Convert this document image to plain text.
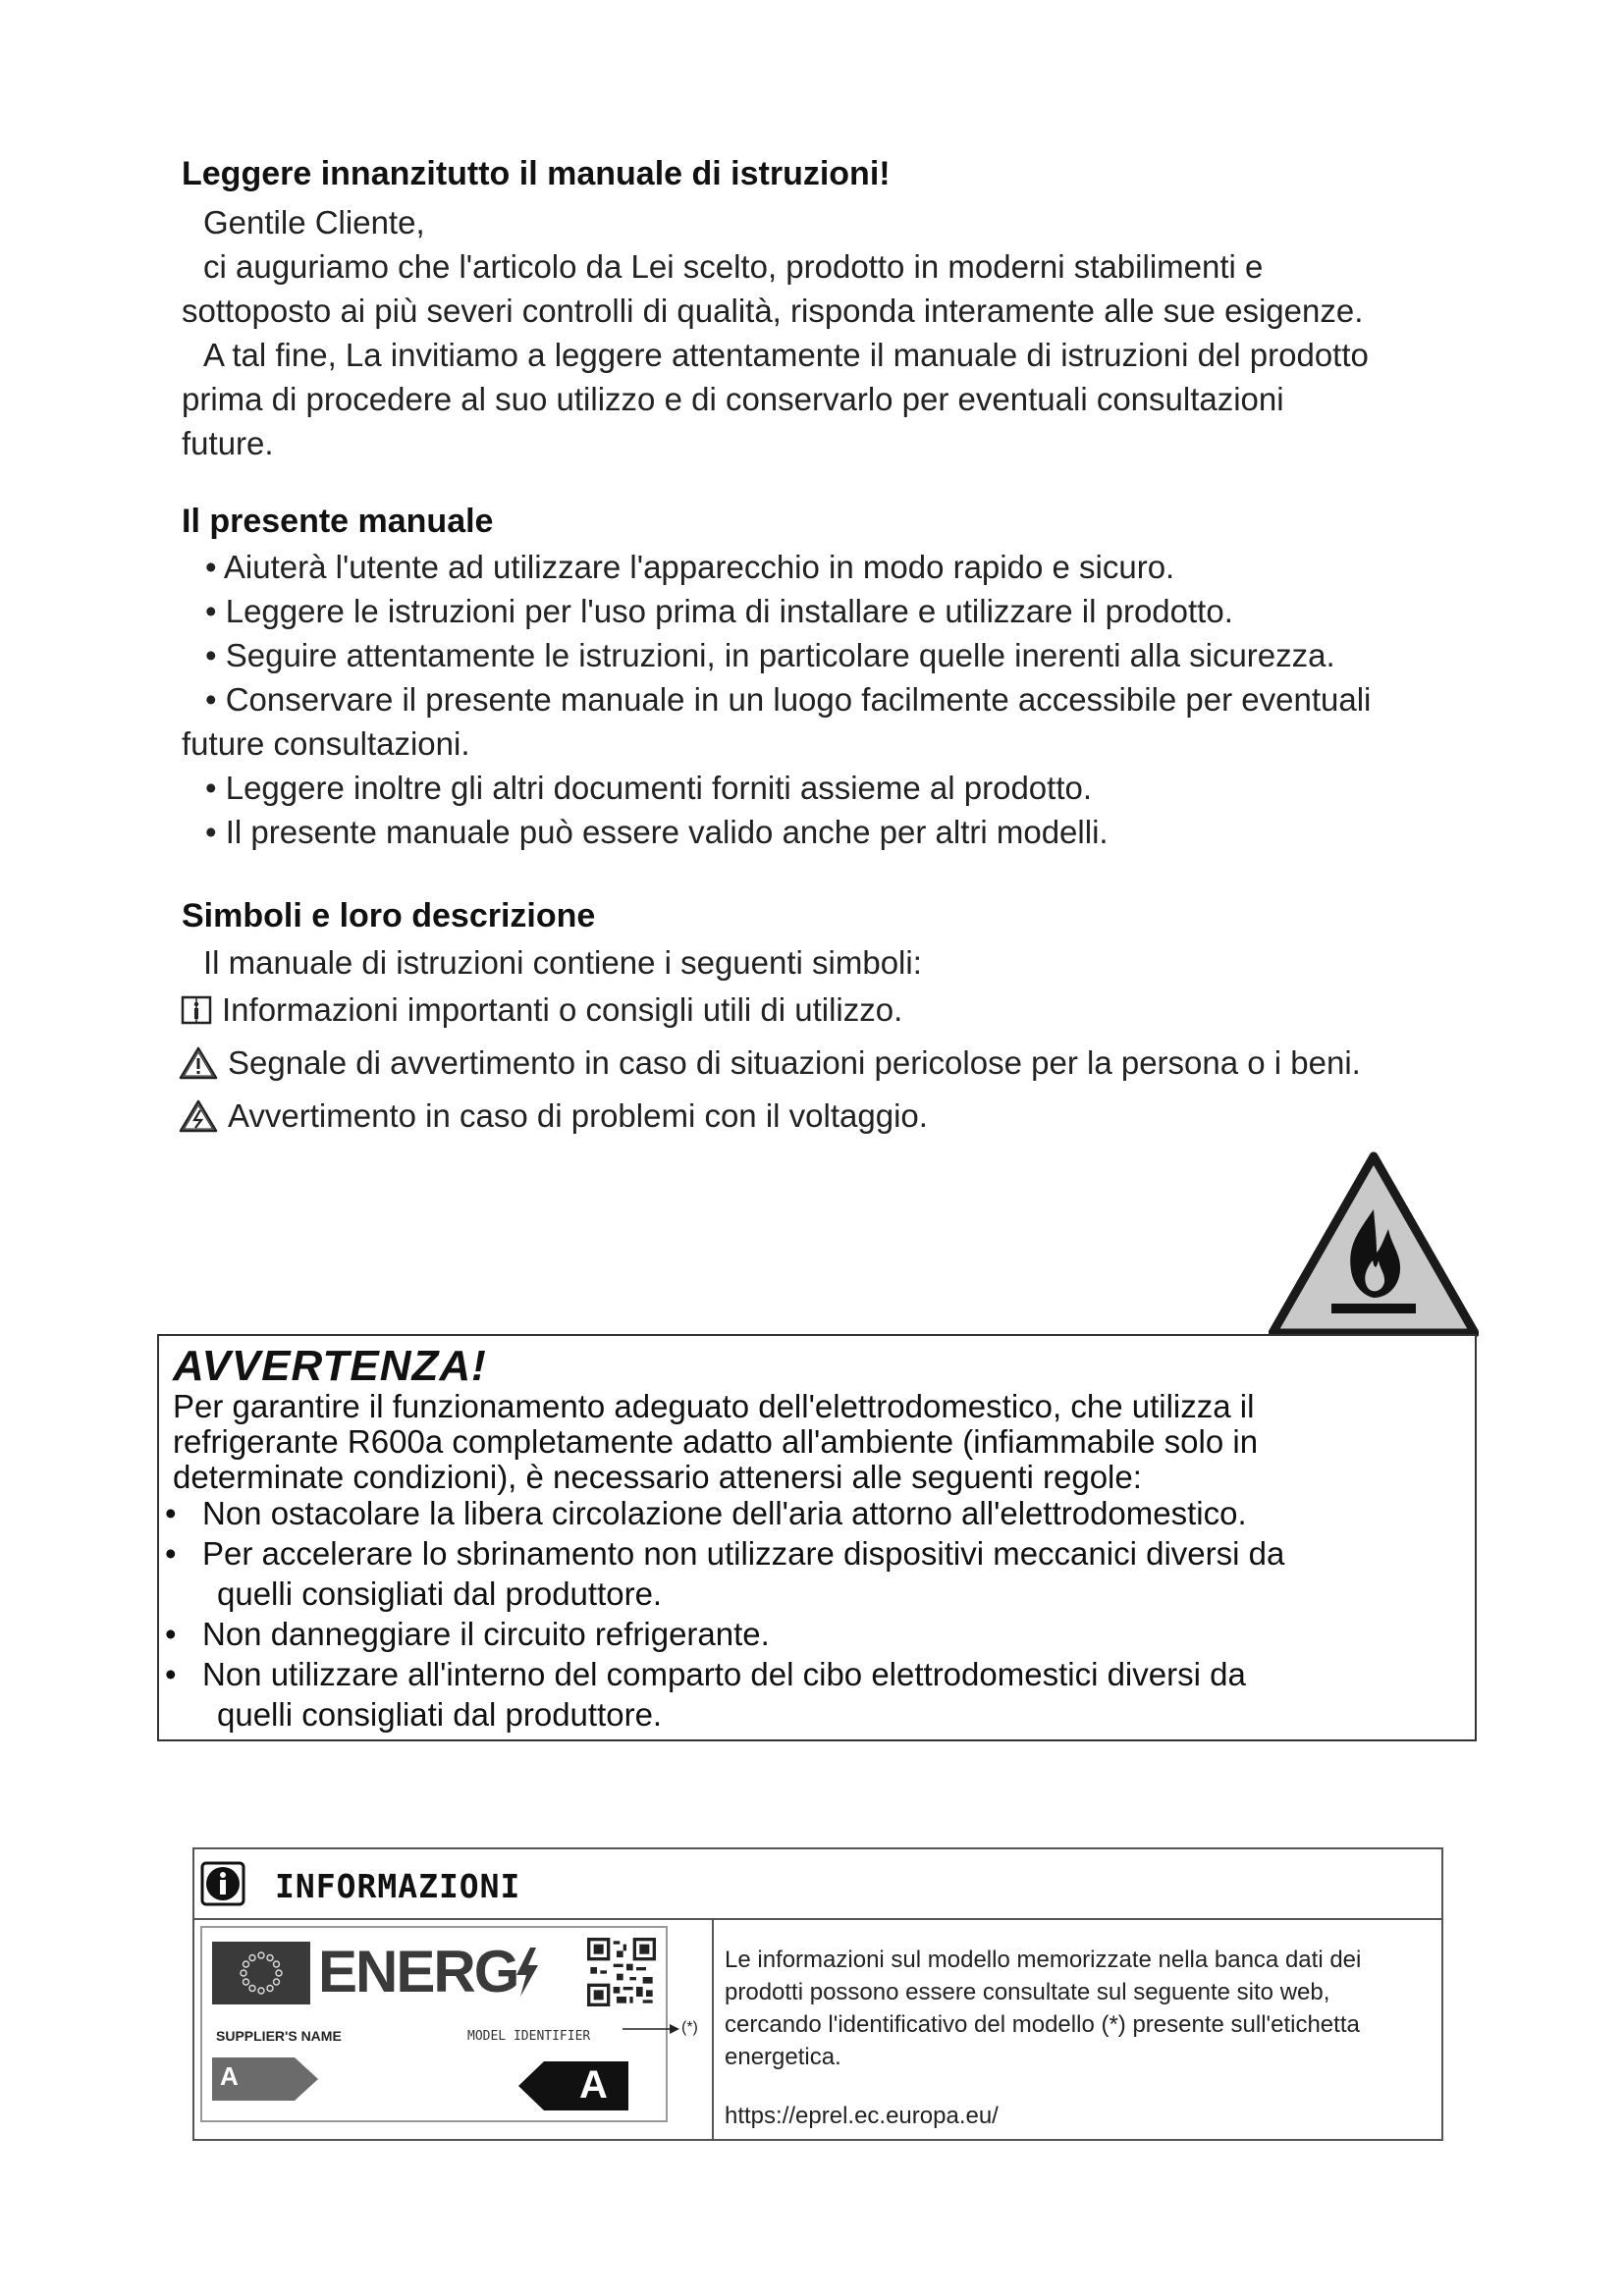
Leggere innanzitutto il manuale di istruzioni!
Gentile Cliente,
ci auguriamo che l'articolo da Lei scelto, prodotto in moderni stabilimenti e
sottoposto ai più severi controlli di qualità, risponda interamente alle sue esigenze.
A tal fine, La invitiamo a leggere attentamente il manuale di istruzioni del prodotto
prima di procedere al suo utilizzo e di conservarlo per eventuali consultazioni
future.
Il presente manuale
• Aiuterà l'utente ad utilizzare l'apparecchio in modo rapido e sicuro.
• Leggere le istruzioni per l'uso prima di installare e utilizzare il prodotto.
• Seguire attentamente le istruzioni, in particolare quelle inerenti alla sicurezza.
• Conservare il presente manuale in un luogo facilmente accessibile per eventuali
future consultazioni.
• Leggere inoltre gli altri documenti forniti assieme al prodotto.
• Il presente manuale può essere valido anche per altri modelli.
Simboli e loro descrizione
Il manuale di istruzioni contiene i seguenti simboli:
Informazioni importanti o consigli utili di utilizzo.
Segnale di avvertimento in caso di situazioni pericolose per la persona o i beni.
Avvertimento in caso di problemi con il voltaggio.
AVVERTENZA!
Per garantire il funzionamento adeguato dell'elettrodomestico, che utilizza il
refrigerante R600a completamente adatto all'ambiente (infiammabile solo in
determinate condizioni), è necessario attenersi alle seguenti regole:
• Non ostacolare la libera circolazione dell'aria attorno all'elettrodomestico.
• Per accelerare lo sbrinamento non utilizzare dispositivi meccanici diversi da
quelli consigliati dal produttore.
• Non danneggiare il circuito refrigerante.
• Non utilizzare all'interno del comparto del cibo elettrodomestici diversi da
quelli consigliati dal produttore.
INFORMAZIONI
ENERG
SUPPLIER'S NAME	MODEL IDENTIFIER
A	A
(*)
Le informazioni sul modello memorizzate nella banca dati dei
prodotti possono essere consultate sul seguente sito web,
cercando l'identificativo del modello (*) presente sull'etichetta
energetica.
https://eprel.ec.europa.eu/
